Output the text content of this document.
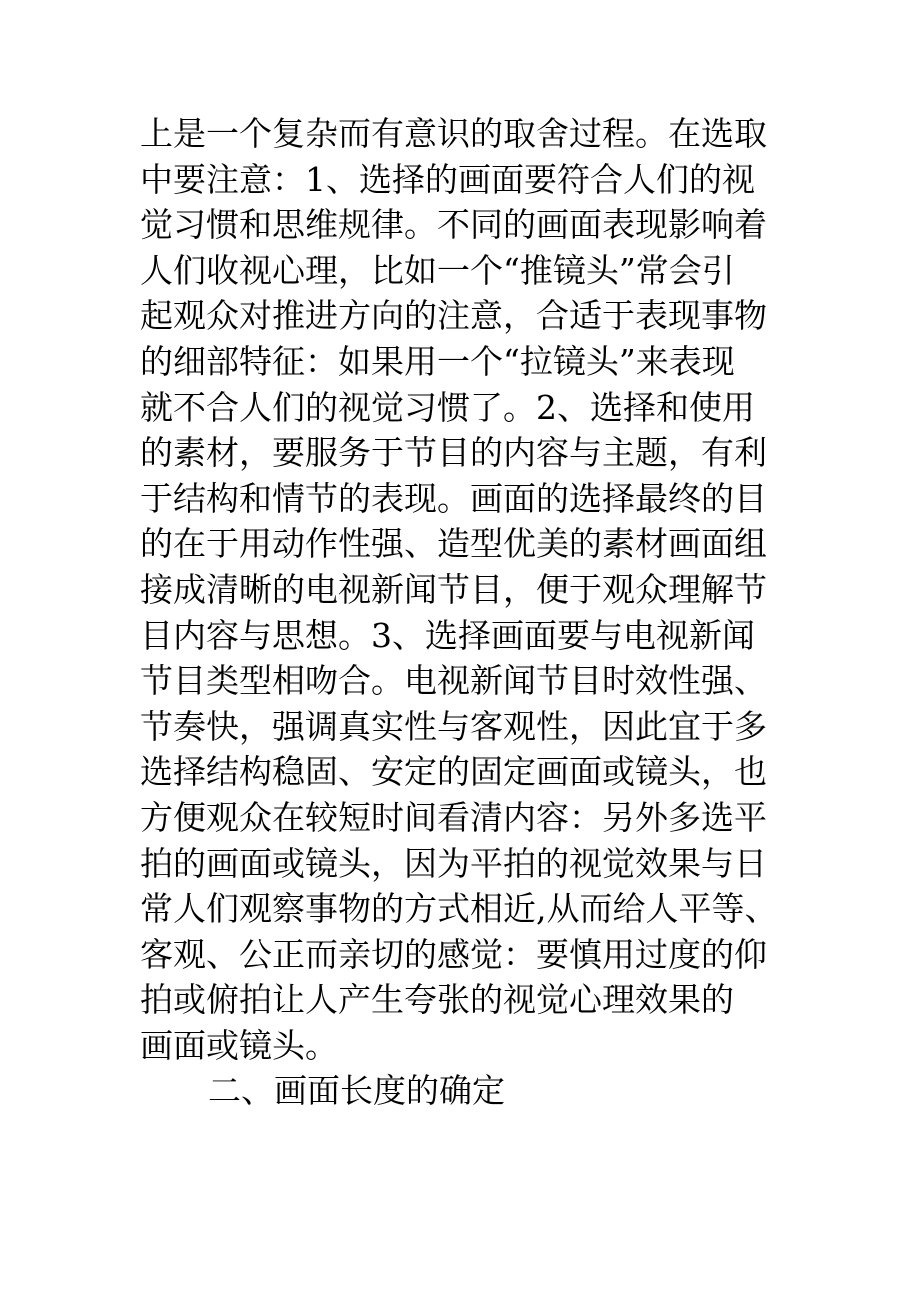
上是一个复杂而有意识的取舍过程。在选取
中要注意：1、选择的画面要符合人们的视
觉习惯和思维规律。不同的画面表现影响着
人们收视心理，比如一个“推镜头”常会引
起观众对推进方向的注意，合适于表现事物
的细部特征：如果用一个“拉镜头”来表现
就不合人们的视觉习惯了。2、选择和使用
的素材，要服务于节目的内容与主题，有利
于结构和情节的表现。画面的选择最终的目
的在于用动作性强、造型优美的素材画面组
接成清晰的电视新闻节目，便于观众理解节
目内容与思想。3、选择画面要与电视新闻
节目类型相吻合。电视新闻节目时效性强、
节奏快，强调真实性与客观性，因此宜于多
选择结构稳固、安定的固定画面或镜头，也
方便观众在较短时间看清内容：另外多选平
拍的画面或镜头，因为平拍的视觉效果与日
常人们观察事物的方式相近,从而给人平等、
客观、公正而亲切的感觉：要慎用过度的仰
拍或俯拍让人产生夸张的视觉心理效果的
画面或镜头。
二、画面长度的确定
